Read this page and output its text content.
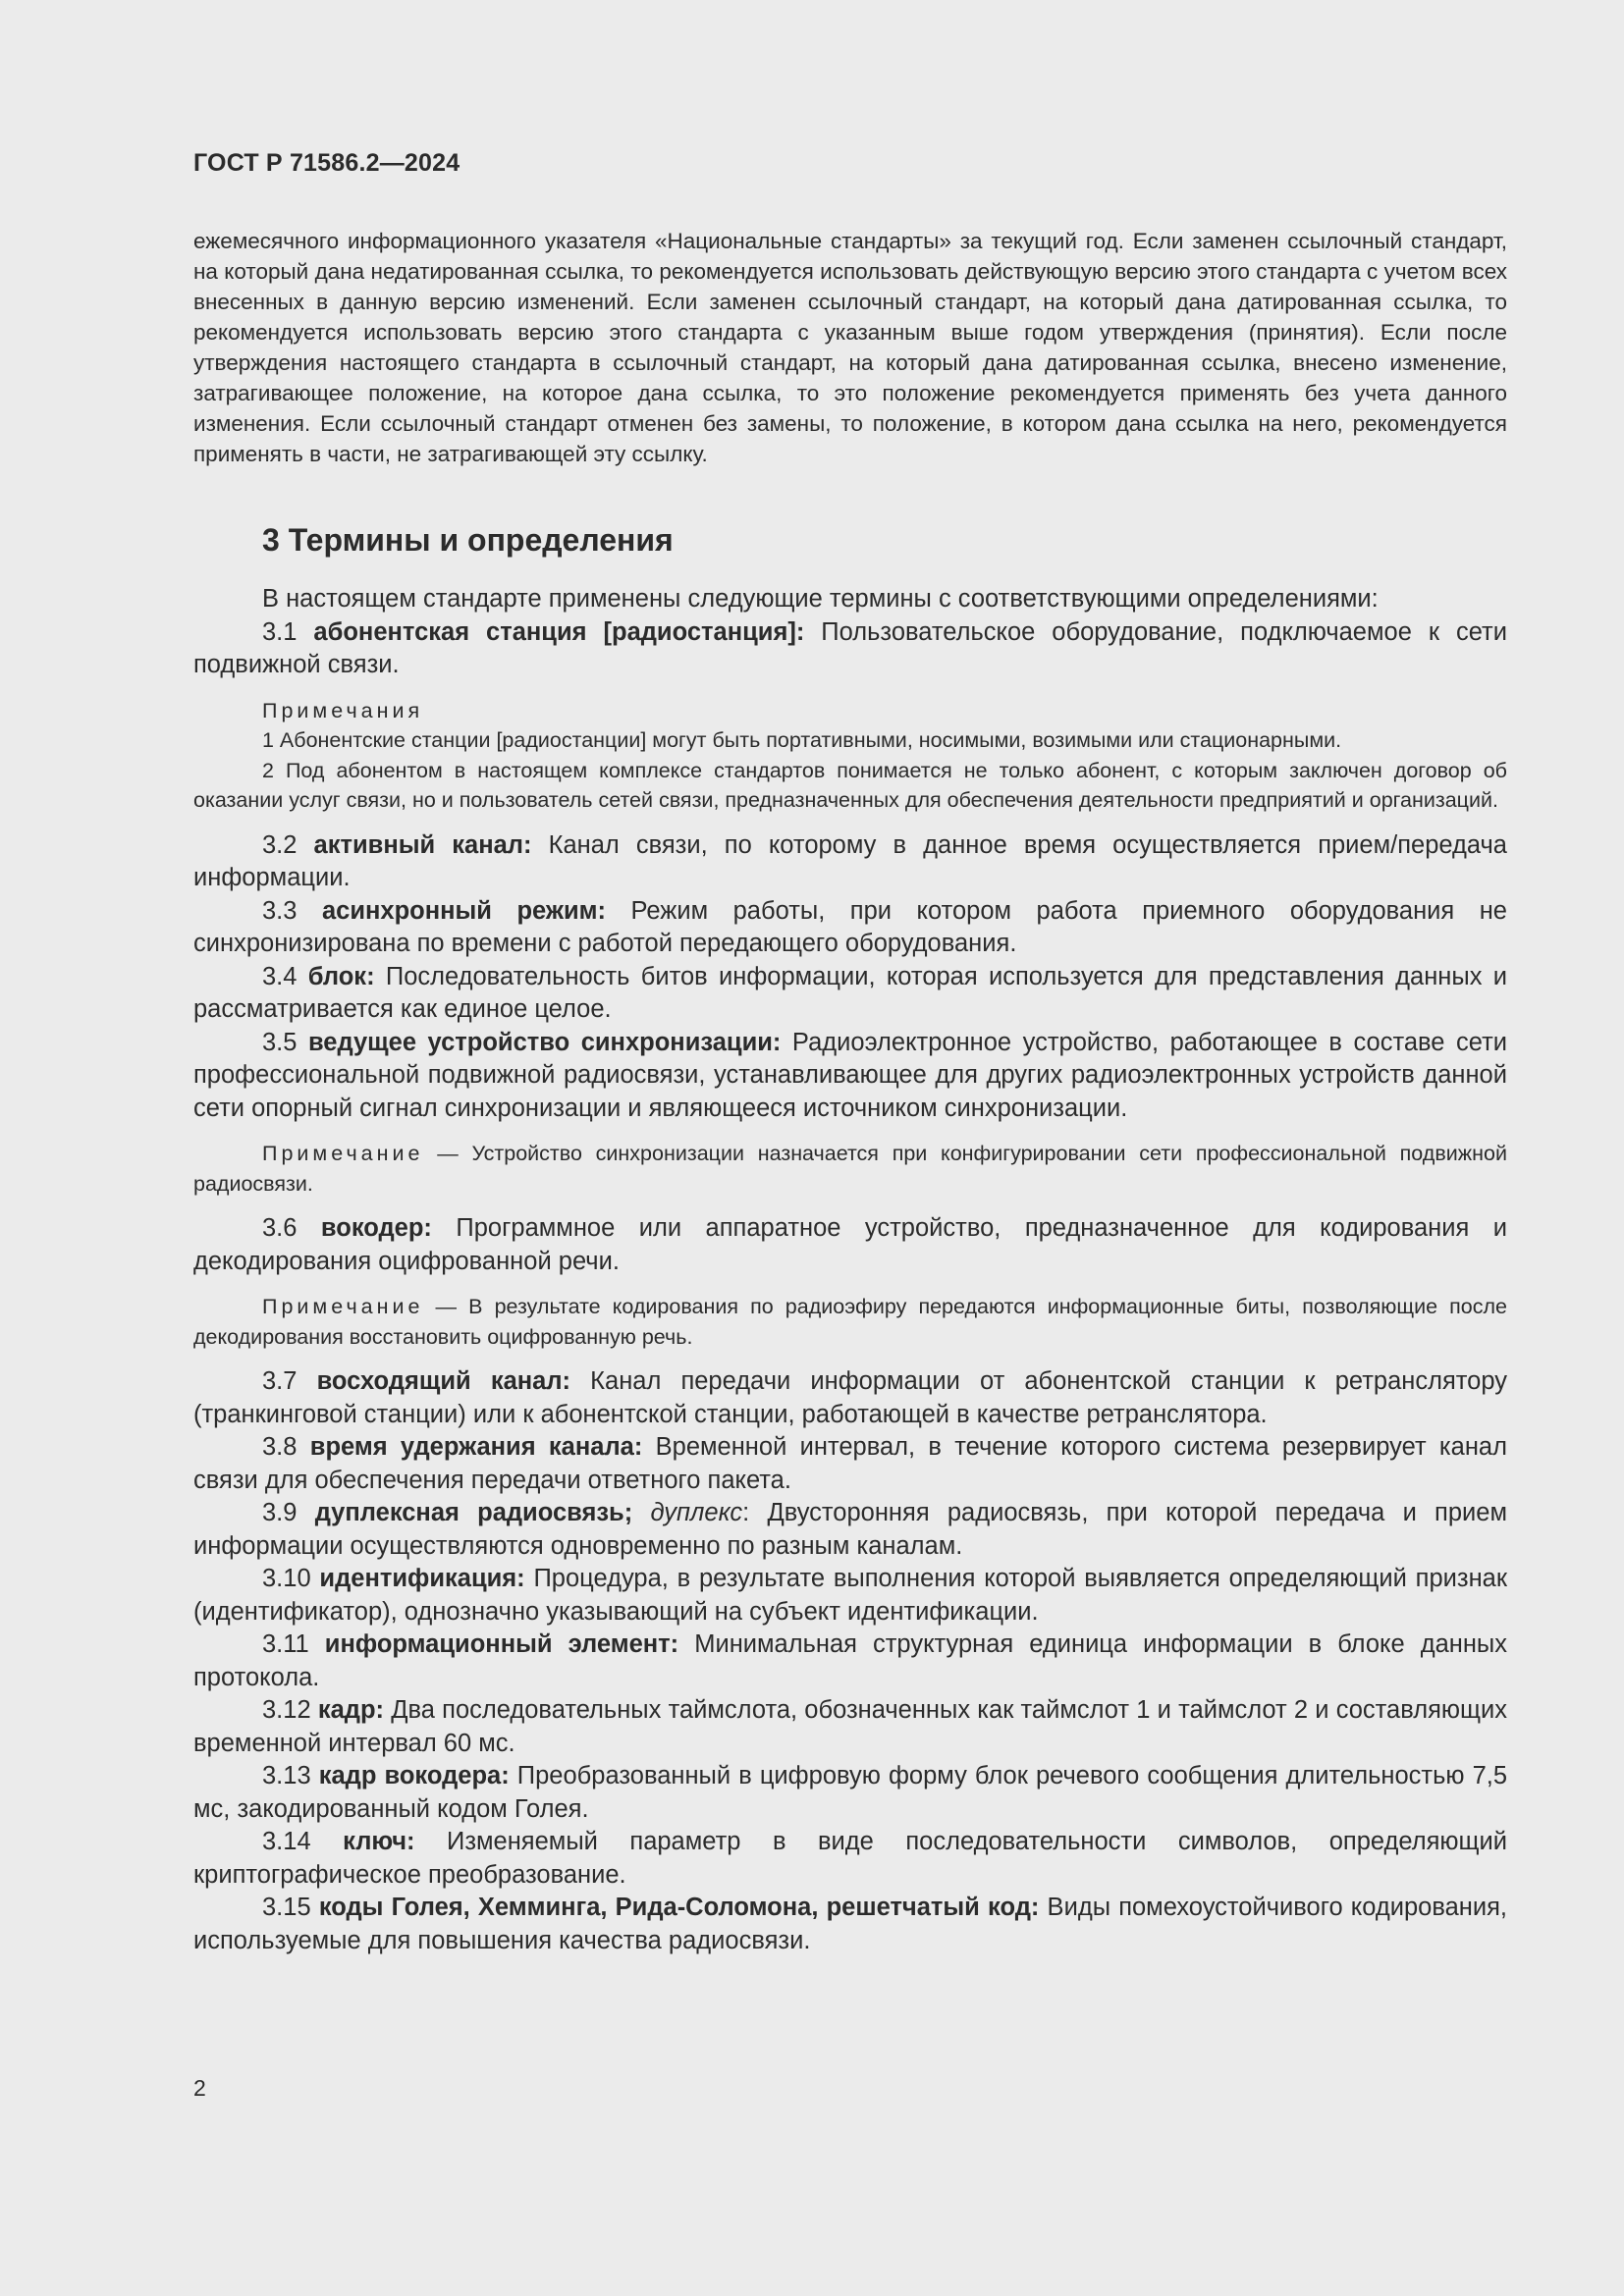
ГОСТ Р 71586.2—2024

ежемесячного информационного указателя «Национальные стандарты» за текущий год. Если заменен ссылочный стандарт, на который дана недатированная ссылка, то рекомендуется использовать действующую версию этого стандарта с учетом всех внесенных в данную версию изменений. Если заменен ссылочный стандарт, на который дана датированная ссылка, то рекомендуется использовать версию этого стандарта с указанным выше годом утверждения (принятия). Если после утверждения настоящего стандарта в ссылочный стандарт, на который дана датированная ссылка, внесено изменение, затрагивающее положение, на которое дана ссылка, то это положение рекомендуется применять без учета данного изменения. Если ссылочный стандарт отменен без замены, то положение, в котором дана ссылка на него, рекомендуется применять в части, не затрагивающей эту ссылку.

3 Термины и определения

В настоящем стандарте применены следующие термины с соответствующими определениями:

3.1 абонентская станция [радиостанция]: Пользовательское оборудование, подключаемое к сети подвижной связи.

Примечания

1 Абонентские станции [радиостанции] могут быть портативными, носимыми, возимыми или стационарными.

2 Под абонентом в настоящем комплексе стандартов понимается не только абонент, с которым заключен договор об оказании услуг связи, но и пользователь сетей связи, предназначенных для обеспечения деятельности предприятий и организаций.

3.2 активный канал: Канал связи, по которому в данное время осуществляется прием/передача информации.

3.3 асинхронный режим: Режим работы, при котором работа приемного оборудования не синхронизирована по времени с работой передающего оборудования.

3.4 блок: Последовательность битов информации, которая используется для представления данных и рассматривается как единое целое.

3.5 ведущее устройство синхронизации: Радиоэлектронное устройство, работающее в составе сети профессиональной подвижной радиосвязи, устанавливающее для других радиоэлектронных устройств данной сети опорный сигнал синхронизации и являющееся источником синхронизации.

Примечание — Устройство синхронизации назначается при конфигурировании сети профессиональной подвижной радиосвязи.

3.6 вокодер: Программное или аппаратное устройство, предназначенное для кодирования и декодирования оцифрованной речи.

Примечание — В результате кодирования по радиоэфиру передаются информационные биты, позволяющие после декодирования восстановить оцифрованную речь.

3.7 восходящий канал: Канал передачи информации от абонентской станции к ретранслятору (транкинговой станции) или к абонентской станции, работающей в качестве ретранслятора.

3.8 время удержания канала: Временной интервал, в течение которого система резервирует канал связи для обеспечения передачи ответного пакета.

3.9 дуплексная радиосвязь; дуплекс: Двусторонняя радиосвязь, при которой передача и прием информации осуществляются одновременно по разным каналам.

3.10 идентификация: Процедура, в результате выполнения которой выявляется определяющий признак (идентификатор), однозначно указывающий на субъект идентификации.

3.11 информационный элемент: Минимальная структурная единица информации в блоке данных протокола.

3.12 кадр: Два последовательных таймслота, обозначенных как таймслот 1 и таймслот 2 и составляющих временной интервал 60 мс.

3.13 кадр вокодера: Преобразованный в цифровую форму блок речевого сообщения длительностью 7,5 мс, закодированный кодом Голея.

3.14 ключ: Изменяемый параметр в виде последовательности символов, определяющий криптографическое преобразование.

3.15 коды Голея, Хемминга, Рида-Соломона, решетчатый код: Виды помехоустойчивого кодирования, используемые для повышения качества радиосвязи.

2
